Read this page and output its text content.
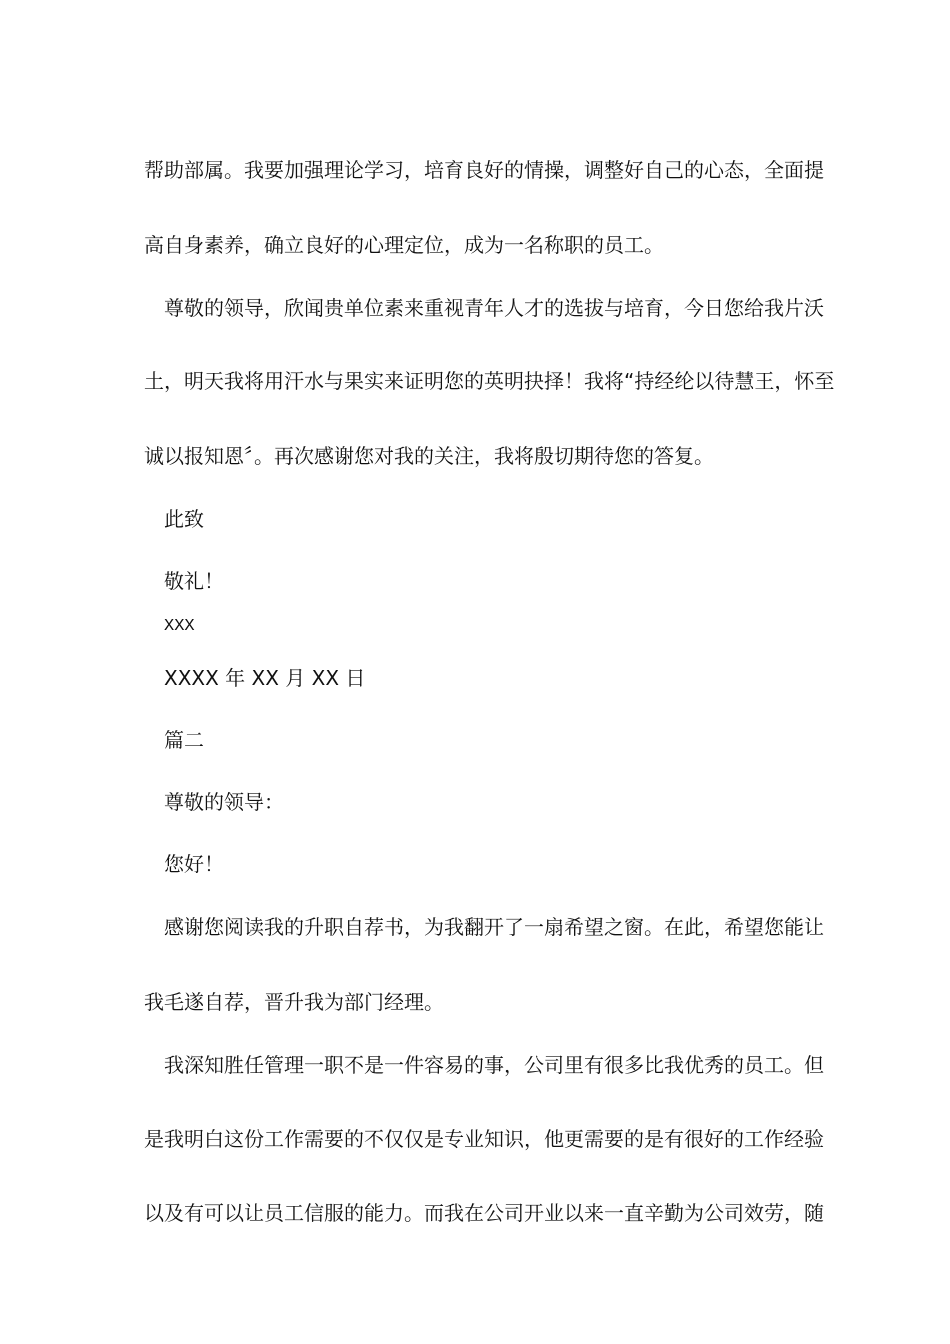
帮助部属。我要加强理论学习，培育良好的情操，调整好自己的心态，全面提

高自身素养，确立良好的心理定位，成为一名称职的员工。

尊敬的领导，欣闻贵单位素来重视青年人才的选拔与培育，今日您给我片沃

土，明天我将用汗水与果实来证明您的英明抉择！我将“持经纶以待慧王，怀至

诚以报知恩〞。再次感谢您对我的关注，我将殷切期待您的答复。

此致

敬礼！

XXX

XXXX 年 XX 月 XX 日

篇二

尊敬的领导：

您好！

感谢您阅读我的升职自荐书，为我翻开了一扇希望之窗。在此，希望您能让

我毛遂自荐，晋升我为部门经理。

我深知胜任管理一职不是一件容易的事，公司里有很多比我优秀的员工。但

是我明白这份工作需要的不仅仅是专业知识，他更需要的是有很好的工作经验

以及有可以让员工信服的能力。而我在公司开业以来一直辛勤为公司效劳，随
